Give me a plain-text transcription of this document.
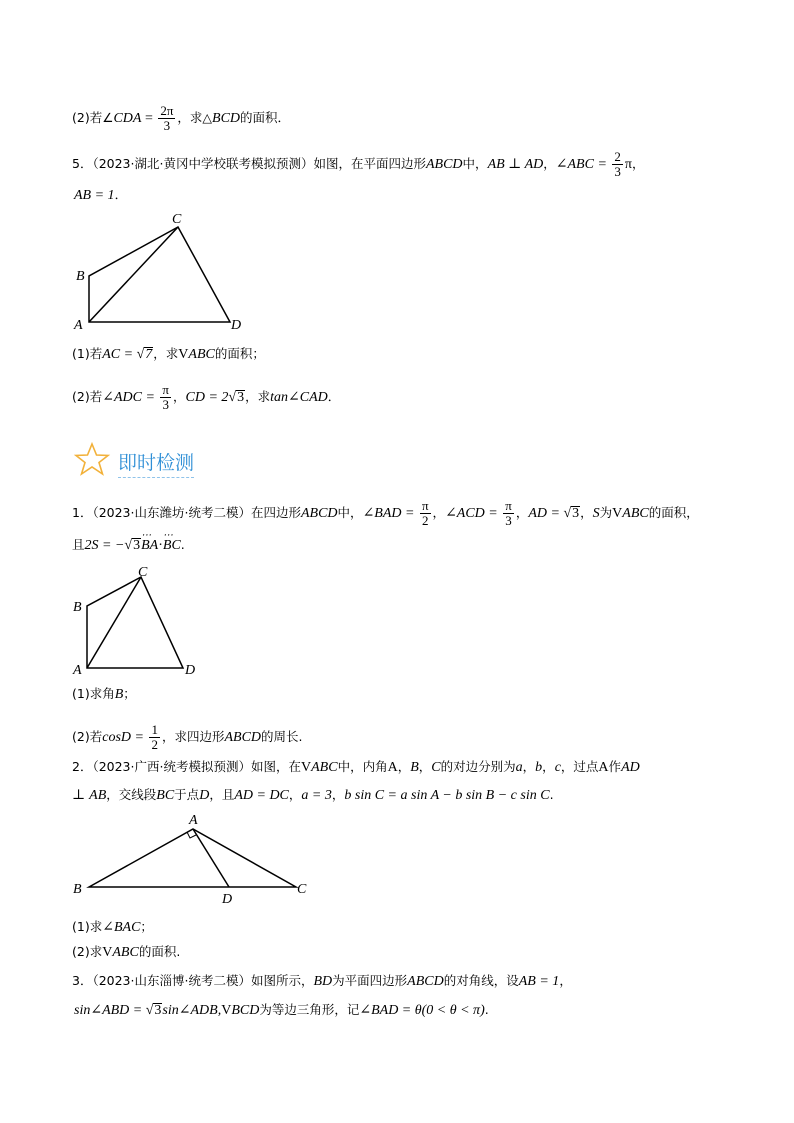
(2)若∠CDA = $\frac{2\pi}{3}$ ，求△BCD的面积．
5．（2023·湖北·黄冈中学校联考模拟预测）如图，在平面四边形ABCD中，AB ⊥ AD，∠ABC = $\frac{2}{3}$ π，
AB = 1．
C
B
A	D
C
B
A	D
A
B	C
D
(1)若AC = √7，求VABC的面积；
(2)若∠ADC = $\frac{\pi}{3}$ ，CD = 2√3，求tan∠CAD．
即时检测
1．（2023·山东潍坊·统考二模）在四边形ABCD中，∠BAD = $\frac{\pi}{2}$ ，∠ACD = $\frac{\pi}{3}$ ，AD = √3，S为VABC的面积，
且2S = −√3⋯ BA·⋯ BC.
(1)求角B；
(2)若$\cos D = \frac{1}{2}$ ，求四边形ABCD的周长.
2．（2023·广西·统考模拟预测）如图，在VABC中，内角A，B，C的对边分别为a，b，c，过点A作AD
⊥ AB，交线段BC于点D，且AD = DC，a = 3，b sin C = a sin A − b sin B − c sin C.
(1)求∠BAC；
(2)求VABC的面积.
3．（2023·山东淄博·统考二模）如图所示，BD为平面四边形ABCD的对角线，设AB = 1，
sin∠ABD = √3sin∠ADB,VBCD为等边三角形，记∠BAD = θ(0 < θ < π).
